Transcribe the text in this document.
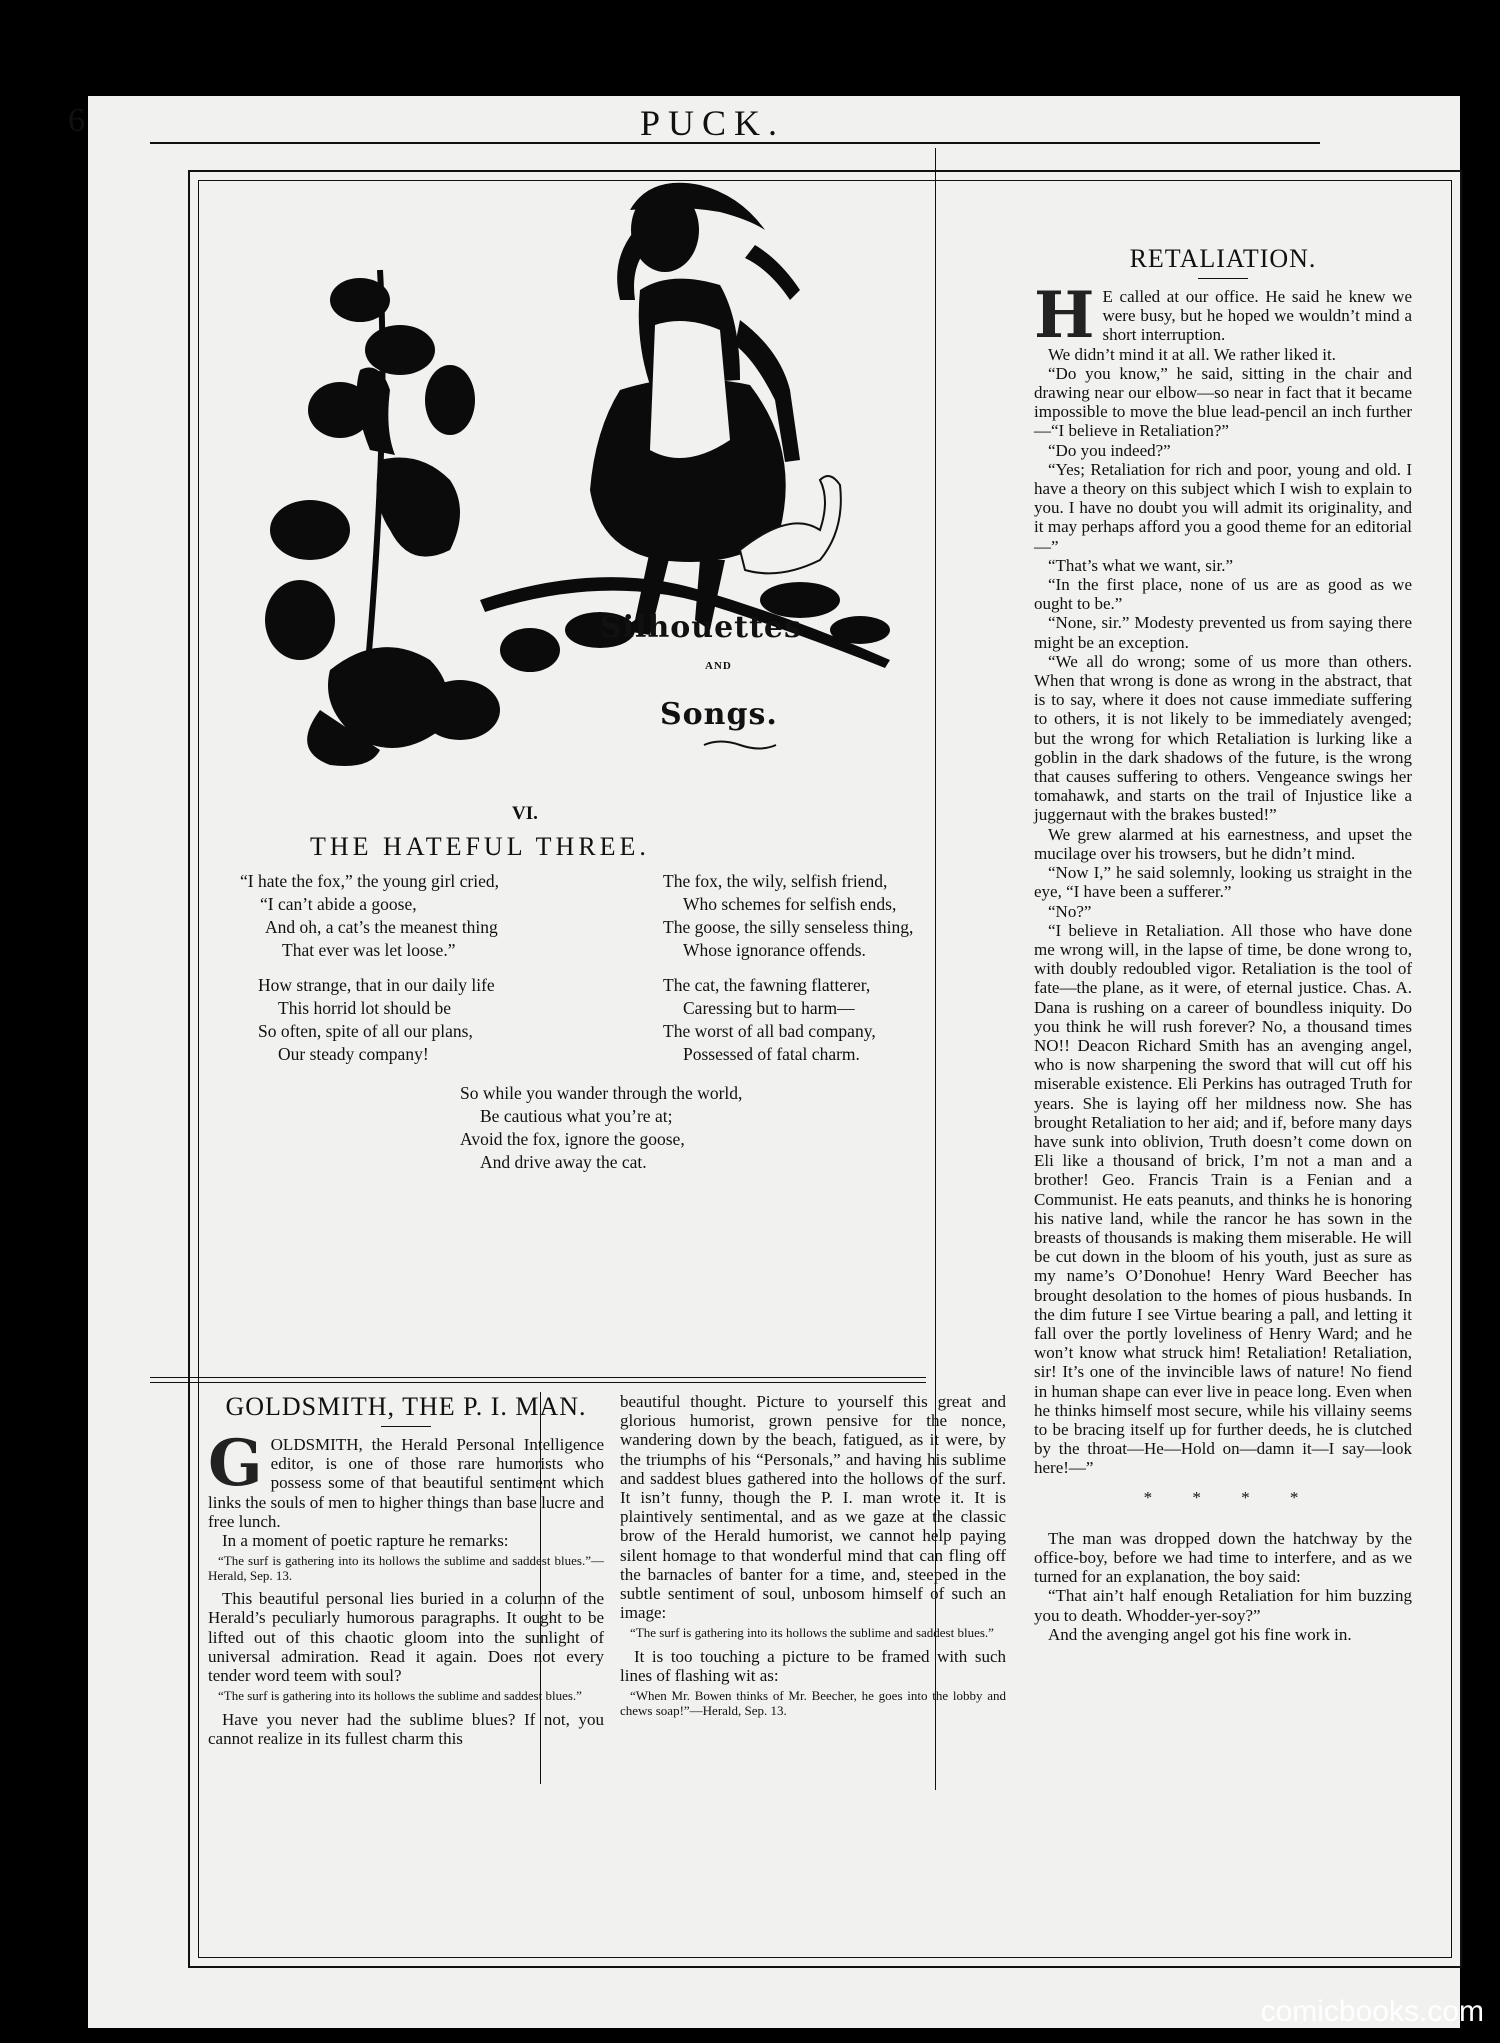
6	PUCK.
Silhouettes
AND
Songs.
VI.
THE HATEFUL THREE.
“I hate the fox,” the young girl cried,
“I can’t abide a goose,
And oh, a cat’s the meanest thing
That ever was let loose.”
How strange, that in our daily life
This horrid lot should be
So often, spite of all our plans,
Our steady company!
The fox, the wily, selfish friend,
Who schemes for selfish ends,
The goose, the silly senseless thing,
Whose ignorance offends.
The cat, the fawning flatterer,
Caressing but to harm—
The worst of all bad company,
Possessed of fatal charm.
So while you wander through the world,
Be cautious what you’re at;
Avoid the fox, ignore the goose,
And drive away the cat.
GOLDSMITH, THE P. I. MAN.
G OLDSMITH, the Herald Personal Intelligence editor, is one of those rare humorists who possess some of that beautiful sentiment which links the souls of men to higher things than base lucre and free lunch.

In a moment of poetic rapture he remarks:

“The surf is gathering into its hollows the sublime and saddest blues.”—Herald, Sep. 13.

This beautiful personal lies buried in a column of the Herald’s peculiarly humorous paragraphs. It ought to be lifted out of this chaotic gloom into the sunlight of universal admiration. Read it again. Does not every tender word teem with soul?

“The surf is gathering into its hollows the sublime and saddest blues.”

Have you never had the sublime blues? If not, you cannot realize in its fullest charm this

beautiful thought. Picture to yourself this great and glorious humorist, grown pensive for the nonce, wandering down by the beach, fatigued, as it were, by the triumphs of his “Personals,” and having his sublime and saddest blues gathered into the hollows of the surf. It isn’t funny, though the P. I. man wrote it. It is plaintively sentimental, and as we gaze at the classic brow of the Herald humorist, we cannot help paying silent homage to that wonderful mind that can fling off the barnacles of banter for a time, and, steeped in the subtle sentiment of soul, unbosom himself of such an image:

“The surf is gathering into its hollows the sublime and saddest blues.”

It is too touching a picture to be framed with such lines of flashing wit as:

“When Mr. Bowen thinks of Mr. Beecher, he goes into the lobby and chews soap!”—Herald, Sep. 13.
RETALIATION.
H E called at our office. He said he knew we were busy, but he hoped we wouldn’t mind a short interruption.

We didn’t mind it at all. We rather liked it.

“Do you know,” he said, sitting in the chair and drawing near our elbow—so near in fact that it became impossible to move the blue lead-pencil an inch further—“I believe in Retaliation?”

“Do you indeed?”

“Yes; Retaliation for rich and poor, young and old. I have a theory on this subject which I wish to explain to you. I have no doubt you will admit its originality, and it may perhaps afford you a good theme for an editorial—”

“That’s what we want, sir.”

“In the first place, none of us are as good as we ought to be.”

“None, sir.” Modesty prevented us from saying there might be an exception.

“We all do wrong; some of us more than others. When that wrong is done as wrong in the abstract, that is to say, where it does not cause immediate suffering to others, it is not likely to be immediately avenged; but the wrong for which Retaliation is lurking like a goblin in the dark shadows of the future, is the wrong that causes suffering to others. Vengeance swings her tomahawk, and starts on the trail of Injustice like a juggernaut with the brakes busted!”

We grew alarmed at his earnestness, and upset the mucilage over his trowsers, but he didn’t mind.

“Now I,” he said solemnly, looking us straight in the eye, “I have been a sufferer.”

“No?”

“I believe in Retaliation. All those who have done me wrong will, in the lapse of time, be done wrong to, with doubly redoubled vigor. Retaliation is the tool of fate—the plane, as it were, of eternal justice. Chas. A. Dana is rushing on a career of boundless iniquity. Do you think he will rush forever? No, a thousand times NO!! Deacon Richard Smith has an avenging angel, who is now sharpening the sword that will cut off his miserable existence. Eli Perkins has outraged Truth for years. She is laying off her mildness now. She has brought Retaliation to her aid; and if, before many days have sunk into oblivion, Truth doesn’t come down on Eli like a thousand of brick, I’m not a man and a brother! Geo. Francis Train is a Fenian and a Communist. He eats peanuts, and thinks he is honoring his native land, while the rancor he has sown in the breasts of thousands is making them miserable. He will be cut down in the bloom of his youth, just as sure as my name’s O’Donohue! Henry Ward Beecher has brought desolation to the homes of pious husbands. In the dim future I see Virtue bearing a pall, and letting it fall over the portly loveliness of Henry Ward; and he won’t know what struck him! Retaliation! Retaliation, sir! It’s one of the invincible laws of nature! No fiend in human shape can ever live in peace long. Even when he thinks himself most secure, while his villainy seems to be bracing itself up for further deeds, he is clutched by the throat—He—Hold on—damn it—I say—look here!—”

* * * *

The man was dropped down the hatchway by the office-boy, before we had time to interfere, and as we turned for an explanation, the boy said:

“That ain’t half enough Retaliation for him buzzing you to death. Whodder-yer-soy?”

And the avenging angel got his fine work in.

comicbooks.com
